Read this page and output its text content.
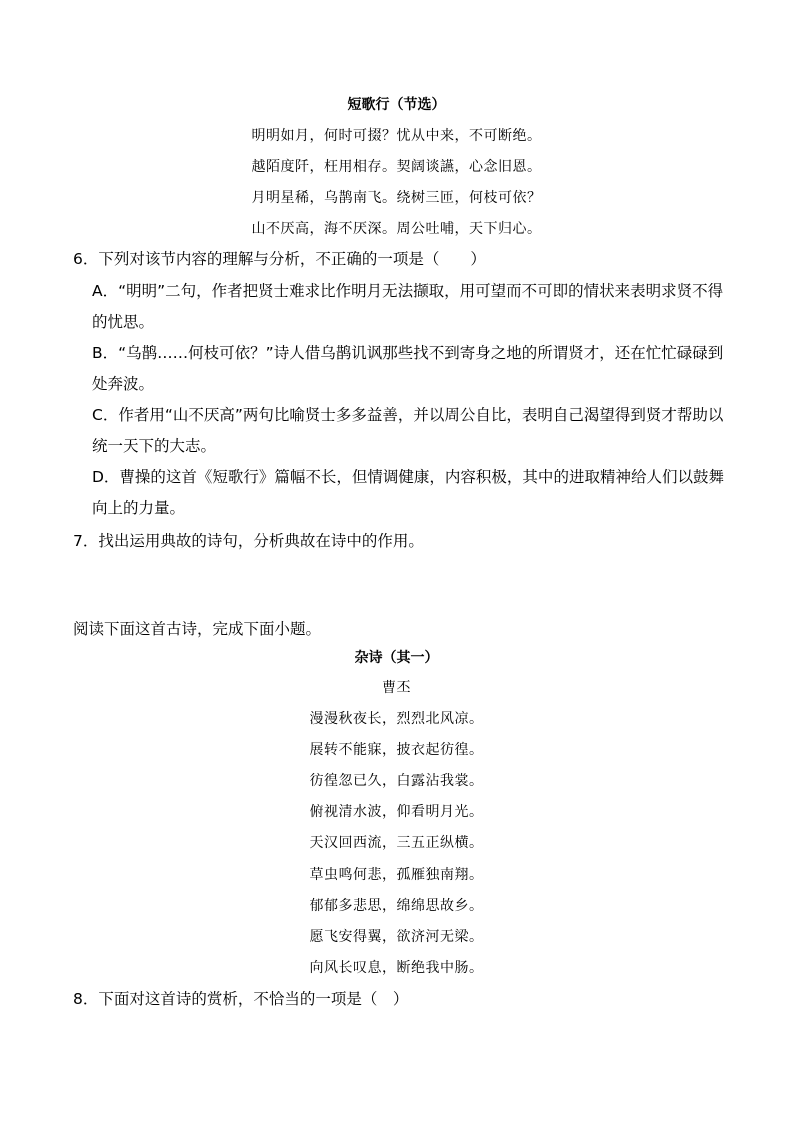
短歌行（节选）
明明如月，何时可掇？忧从中来，不可断绝。
越陌度阡，枉用相存。契阔谈讌，心念旧恩。
月明星稀，乌鹊南飞。绕树三匝，何枝可依？
山不厌高，海不厌深。周公吐哺，天下归心。
6．下列对该节内容的理解与分析，不正确的一项是（　　）
A．“明明”二句，作者把贤士难求比作明月无法撷取，用可望而不可即的情状来表明求贤不得的忧思。
B．“乌鹊……何枝可依？”诗人借乌鹊讥讽那些找不到寄身之地的所谓贤才，还在忙忙碌碌到处奔波。
C．作者用“山不厌高”两句比喻贤士多多益善，并以周公自比，表明自己渴望得到贤才帮助以统一天下的大志。
D．曹操的这首《短歌行》篇幅不长，但情调健康，内容积极，其中的进取精神给人们以鼓舞向上的力量。
7．找出运用典故的诗句，分析典故在诗中的作用。
阅读下面这首古诗，完成下面小题。
杂诗（其一）
曹丕
漫漫秋夜长，烈烈北风凉。
展转不能寐，披衣起彷徨。
彷徨忽已久，白露沾我裳。
俯视清水波，仰看明月光。
天汉回西流，三五正纵横。
草虫鸣何悲，孤雁独南翔。
郁郁多悲思，绵绵思故乡。
愿飞安得翼，欲济河无梁。
向风长叹息，断绝我中肠。
8．下面对这首诗的赏析，不恰当的一项是（　）
